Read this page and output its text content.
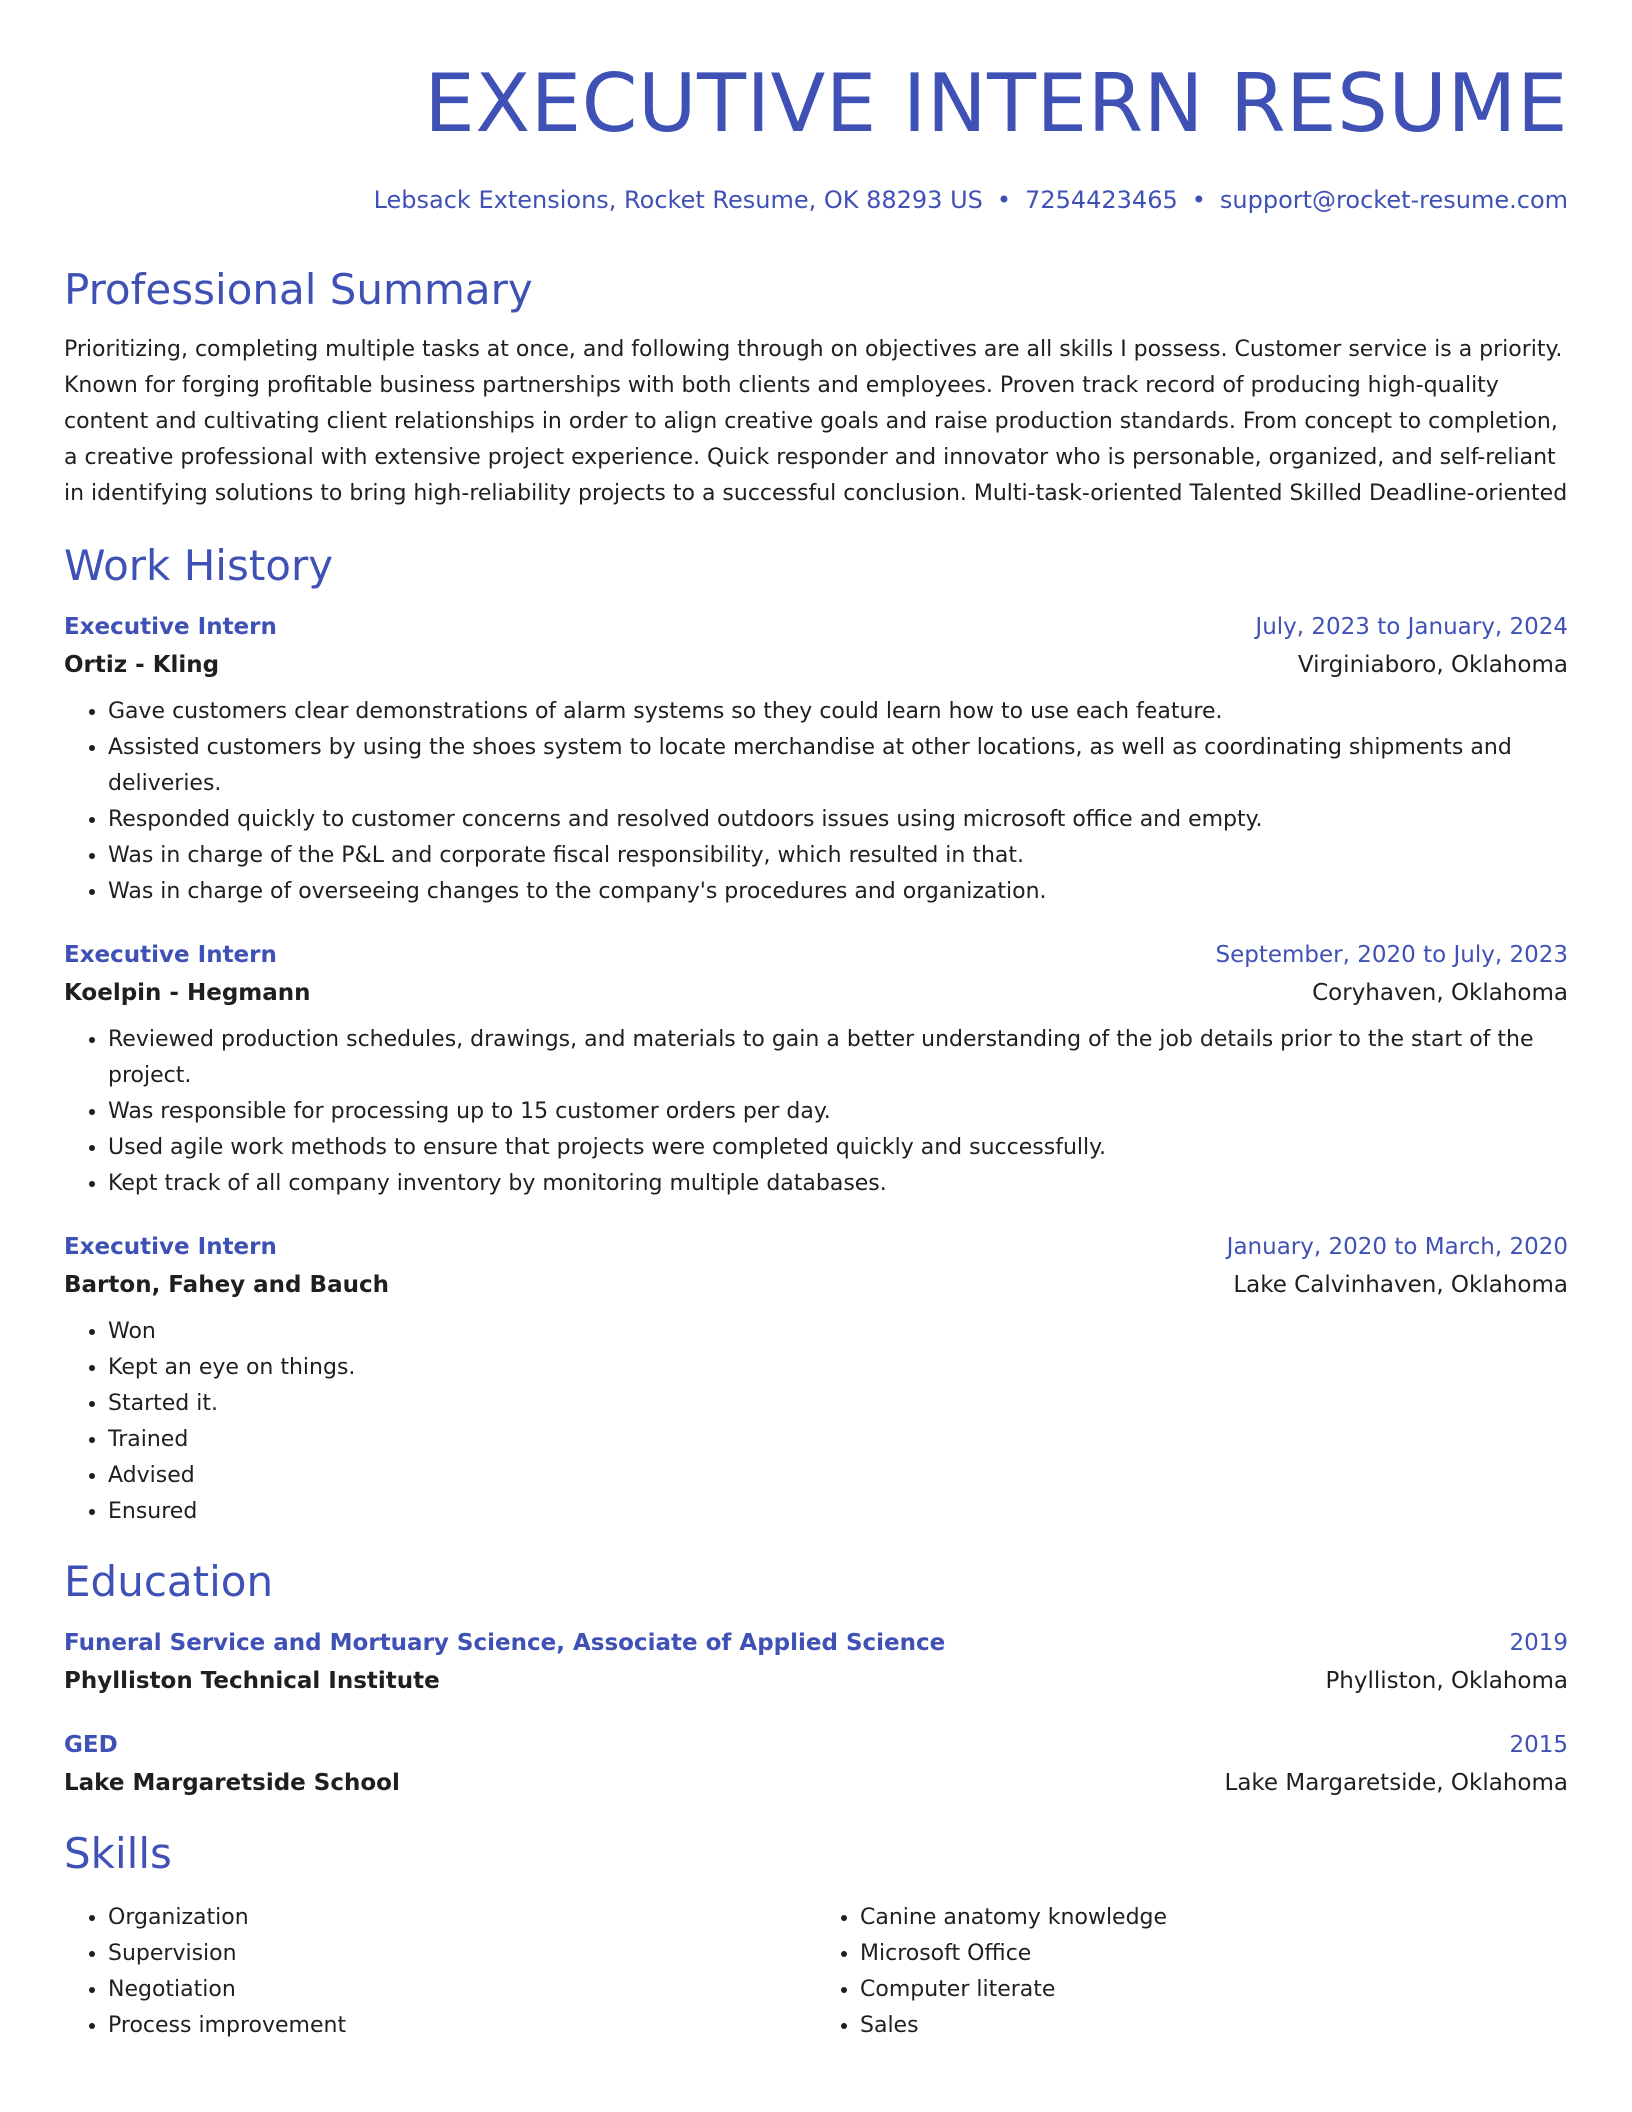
EXECUTIVE INTERN RESUME
Lebsack Extensions, Rocket Resume, OK 88293 US • 7254423465 • support@rocket-resume.com
Professional Summary

Prioritizing, completing multiple tasks at once, and following through on objectives are all skills I possess. Customer service is a priority. Known for forging profitable business partnerships with both clients and employees. Proven track record of producing high-quality content and cultivating client relationships in order to align creative goals and raise production standards. From concept to completion, a creative professional with extensive project experience. Quick responder and innovator who is personable, organized, and self-reliant in identifying solutions to bring high-reliability projects to a successful conclusion. Multi-task-oriented Talented Skilled Deadline-oriented

Work History
Executive Intern	July, 2023 to January, 2024
Ortiz - Kling	Virginiaboro, Oklahoma
• Gave customers clear demonstrations of alarm systems so they could learn how to use each feature.
• Assisted customers by using the shoes system to locate merchandise at other locations, as well as coordinating shipments and deliveries.
• Responded quickly to customer concerns and resolved outdoors issues using microsoft office and empty.
• Was in charge of the P&L and corporate fiscal responsibility, which resulted in that.
• Was in charge of overseeing changes to the company's procedures and organization.
Executive Intern	September, 2020 to July, 2023
Koelpin - Hegmann	Coryhaven, Oklahoma
• Reviewed production schedules, drawings, and materials to gain a better understanding of the job details prior to the start of the project.
• Was responsible for processing up to 15 customer orders per day.
• Used agile work methods to ensure that projects were completed quickly and successfully.
• Kept track of all company inventory by monitoring multiple databases.
Executive Intern	January, 2020 to March, 2020
Barton, Fahey and Bauch	Lake Calvinhaven, Oklahoma
• Won
• Kept an eye on things.
• Started it.
• Trained
• Advised
• Ensured
Education
Funeral Service and Mortuary Science, Associate of Applied Science	2019
Phylliston Technical Institute	Phylliston, Oklahoma
GED	2015
Lake Margaretside School	Lake Margaretside, Oklahoma
Skills
• Organization
• Supervision
• Negotiation
• Process improvement
• Canine anatomy knowledge
• Microsoft Office
• Computer literate
• Sales
